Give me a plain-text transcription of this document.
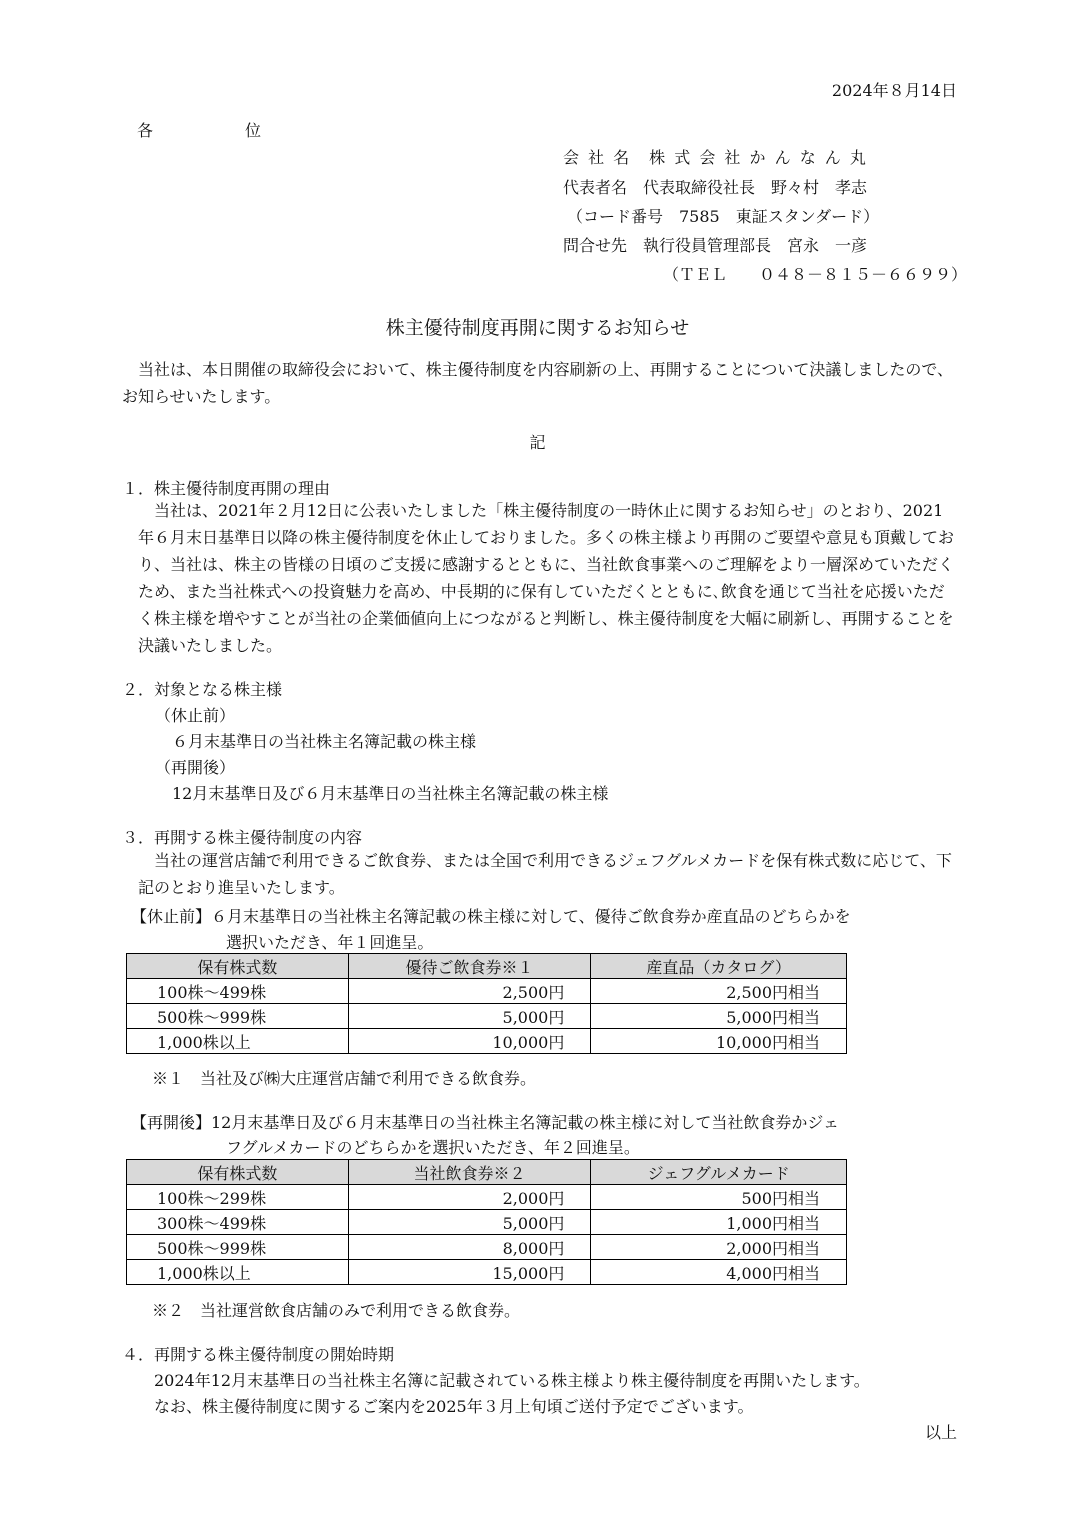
2024年８月14日
各　位
会 社 名　株 式 会 社 か ん な ん 丸
代表者名　代表取締役社長　野々村　孝志
（コード番号　7585　東証スタンダード）
問合せ先　執行役員管理部長　宮永　一彦
（ＴＥＬ　　０４８－８１５－６６９９）
株主優待制度再開に関するお知らせ
当社は、本日開催の取締役会において、株主優待制度を内容刷新の上、再開することについて決議しましたので、お知らせいたします。
記
１．株主優待制度再開の理由
当社は、2021年２月12日に公表いたしました「株主優待制度の一時休止に関するお知らせ」のとおり、2021 年６月末日基準日以降の株主優待制度を休止しておりました。多くの株主様より再開のご要望や意見も頂戴しており、当社は、株主の皆様の日頃のご支援に感謝するとともに、当社飲食事業へのご理解をより一層深めていただくため、また当社株式への投資魅力を高め、中長期的に保有していただくとともに､飲食を通じて当社を応援いただく株主様を増やすことが当社の企業価値向上につながると判断し、株主優待制度を大幅に刷新し、再開することを決議いたしました。
２．対象となる株主様
（休止前）
６月末基準日の当社株主名簿記載の株主様
（再開後）
12月末基準日及び６月末基準日の当社株主名簿記載の株主様
３．再開する株主優待制度の内容
当社の運営店舗で利用できるご飲食券、または全国で利用できるジェフグルメカードを保有株式数に応じて、下記のとおり進呈いたします。
【休止前】６月末基準日の当社株主名簿記載の株主様に対して、優待ご飲食券か産直品のどちらかを
選択いただき、年１回進呈。
保有株式数	優待ご飲食券※１	産直品（カタログ）
100株～499株	2,500円	2,500円相当
500株～999株	5,000円	5,000円相当
1,000株以上	10,000円	10,000円相当
※１　当社及び㈱大庄運営店舗で利用できる飲食券。
【再開後】12月末基準日及び６月末基準日の当社株主名簿記載の株主様に対して当社飲食券かジェ
フグルメカードのどちらかを選択いただき、年２回進呈。
保有株式数	当社飲食券※２	ジェフグルメカード
100株～299株	2,000円	500円相当
300株～499株	5,000円	1,000円相当
500株～999株	8,000円	2,000円相当
1,000株以上	15,000円	4,000円相当
※２　当社運営飲食店舗のみで利用できる飲食券。
４．再開する株主優待制度の開始時期
2024年12月末基準日の当社株主名簿に記載されている株主様より株主優待制度を再開いたします。
なお、株主優待制度に関するご案内を2025年３月上旬頃ご送付予定でございます。
以上
